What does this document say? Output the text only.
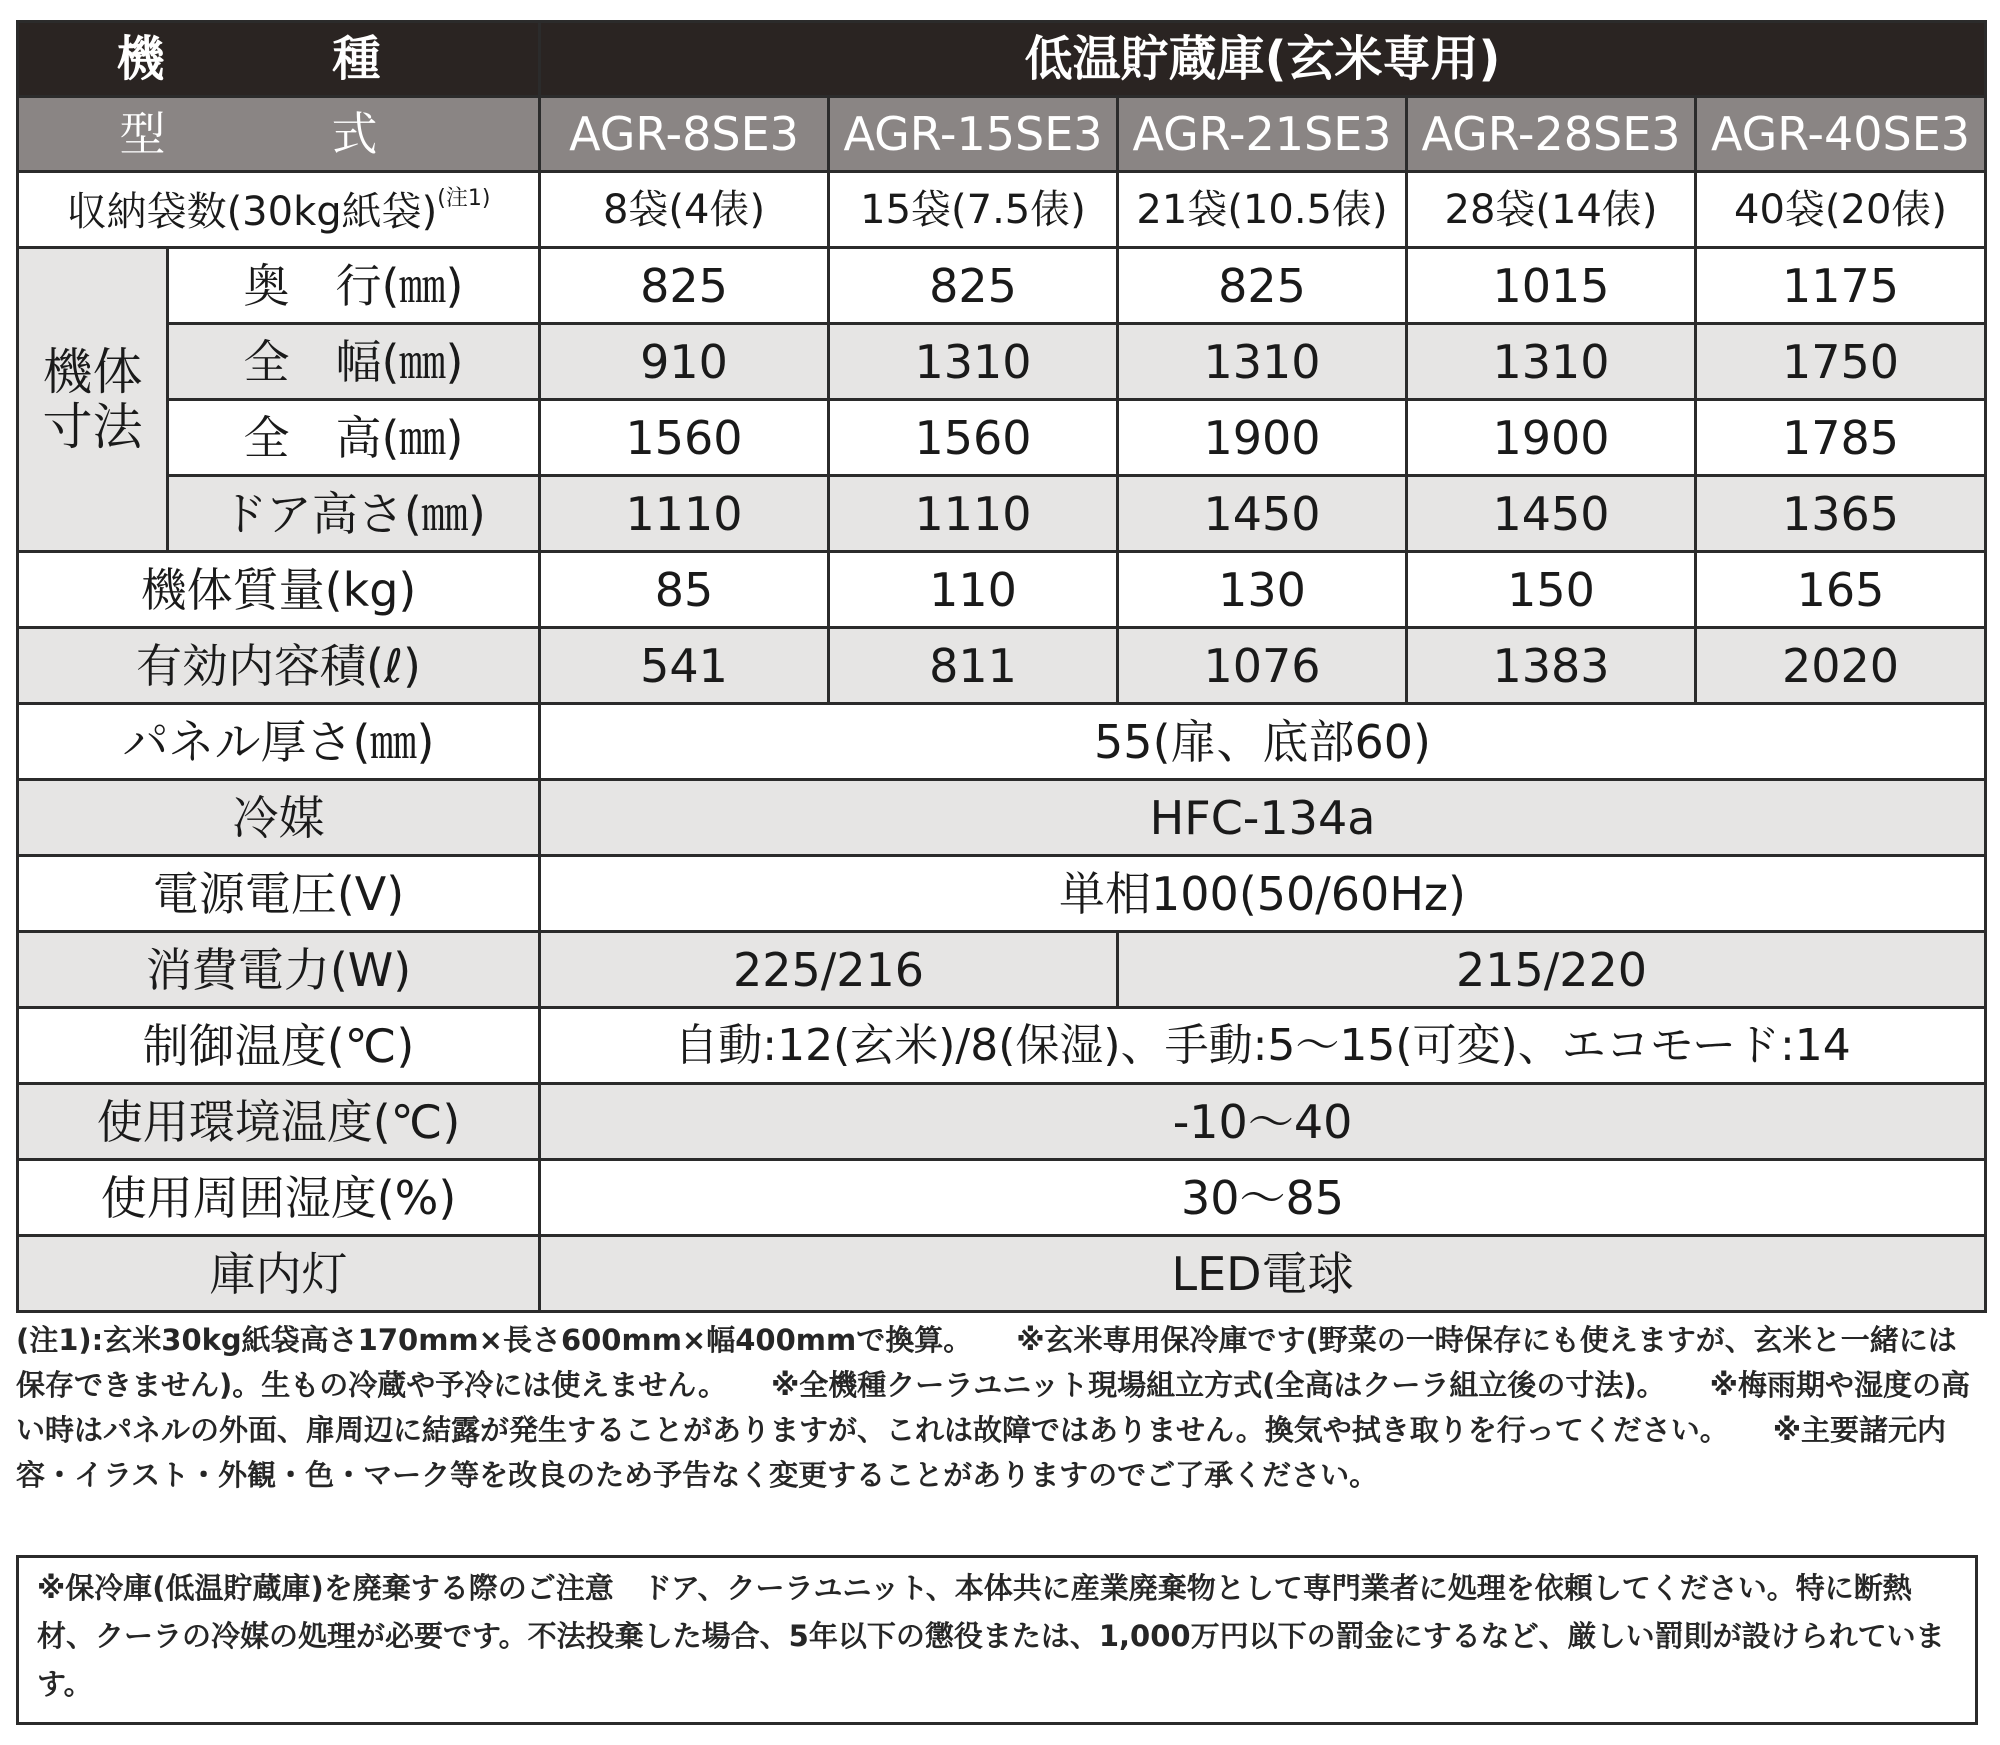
機　種		低温貯蔵庫(玄米専用)				
型　式		AGR-8SE3	AGR-15SE3	AGR-21SE3	AGR-28SE3	AGR-40SE3
収納袋数(30kg紙袋)$^{(注1)}$		8袋(4俵)	15袋(7.5俵)	21袋(10.5俵)	28袋(14俵)	40袋(20俵)
機体
寸法	奥　行(㎜)	825	825	825	1015	1175
	全　幅(㎜)	910	1310	1310	1310	1750
	全　高(㎜)	1560	1560	1900	1900	1785
	ドア高さ(㎜)	1110	1110	1450	1450	1365
機体質量(kg)		85	110	130	150	165
有効内容積(ℓ)		541	811	1076	1383	2020
パネル厚さ(㎜)		55(扉、底部60)				
冷媒		HFC-134a				
電源電圧(V)		単相100(50/60Hz)				
消費電力(W)		225/216		215/220		
制御温度(℃)		自動:12(玄米)/8(保湿)、手動:5〜15(可変)、エコモード:14				
使用環境温度(℃)		-10〜40				
使用周囲湿度(%)		30〜85				
庫内灯		LED電球				

(注1):玄米30kg紙袋高さ170mm×長さ600mm×幅400mmで換算。 ※玄米専用保冷庫です(野菜の一時保存にも使えますが、玄米と一緒には保存できません)。生もの冷蔵や予冷には使えません。 ※全機種クーラユニット現場組立方式(全高はクーラ組立後の寸法)。 ※梅雨期や湿度の高い時はパネルの外面、扉周辺に結露が発生することがありますが、これは故障ではありません。換気や拭き取りを行ってください。 ※主要諸元内容・イラスト・外観・色・マーク等を改良のため予告なく変更することがありますのでご了承ください。

※保冷庫(低温貯蔵庫)を廃棄する際のご注意　ドア、クーラユニット、本体共に産業廃棄物として専門業者に処理を依頼してください。特に断熱材、クーラの冷媒の処理が必要です。不法投棄した場合、5年以下の懲役または、1,000万円以下の罰金にするなど、厳しい罰則が設けられています。
